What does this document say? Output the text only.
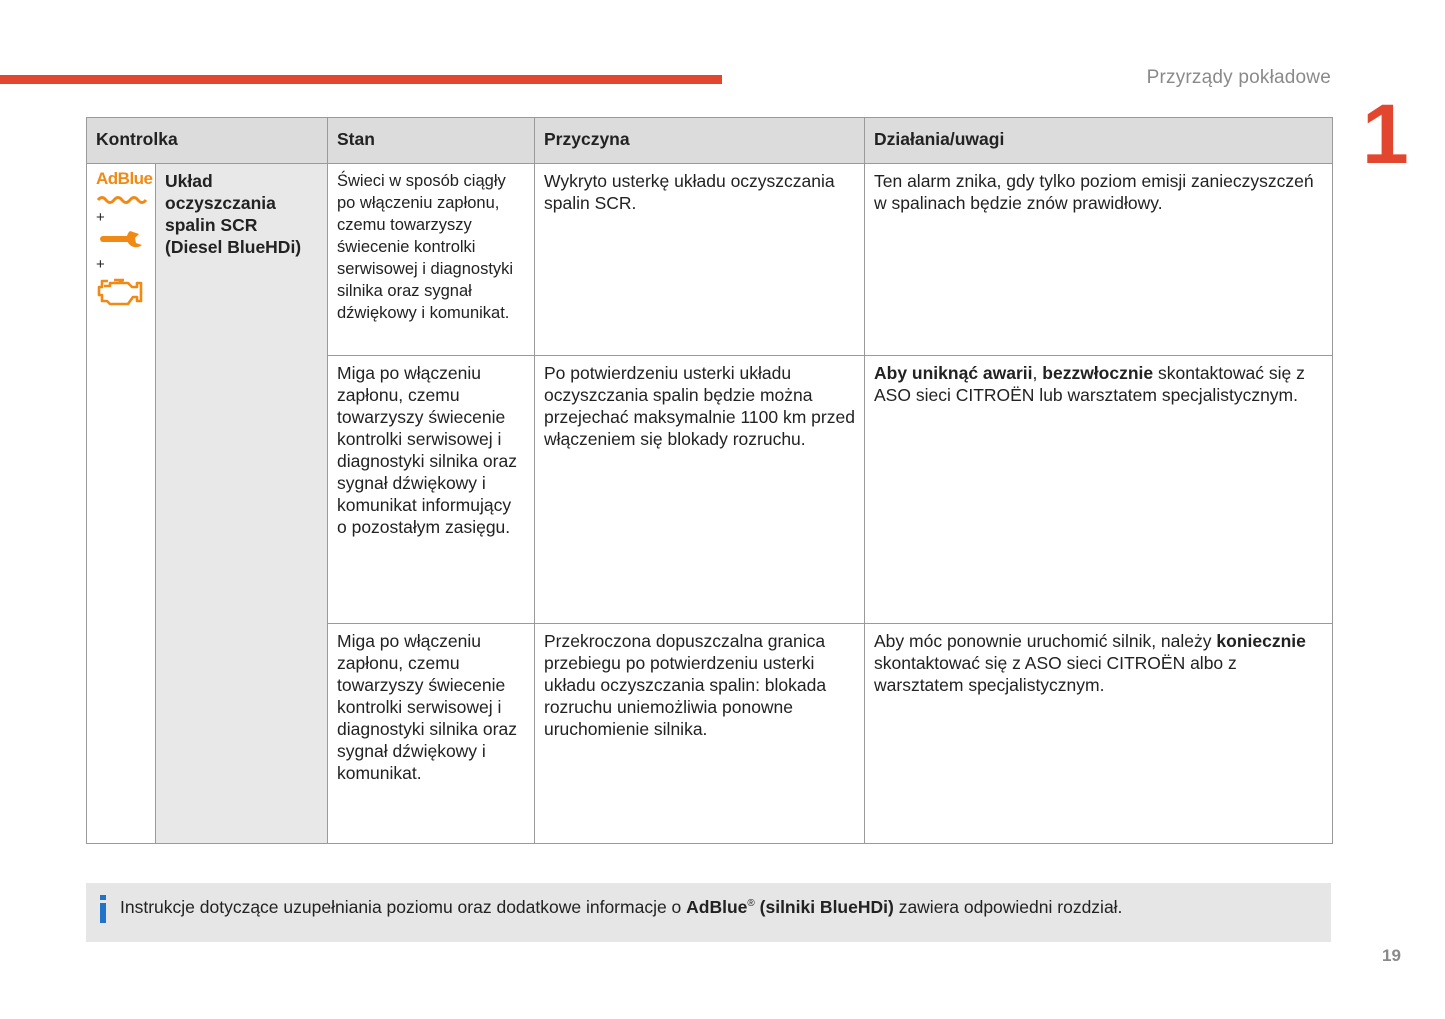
Przyrządy pokładowe
1
Kontrolka		Stan	Przyczyna	Działania/uwagi

AdBlue
+
+	Układ oczyszczania spalin SCR (Diesel BlueHDi)	Świeci w sposób ciągły po włączeniu zapłonu, czemu towarzyszy świecenie kontrolki serwisowej i diagnostyki silnika oraz sygnał dźwiękowy i komunikat.	Wykryto usterkę układu oczyszczania spalin SCR.	Ten alarm znika, gdy tylko poziom emisji zanieczyszczeń w spalinach będzie znów prawidłowy.
		Miga po włączeniu zapłonu, czemu towarzyszy świecenie kontrolki serwisowej i diagnostyki silnika oraz sygnał dźwiękowy i komunikat informujący o pozostałym zasięgu.	Po potwierdzeniu usterki układu oczyszczania spalin będzie można przejechać maksymalnie 1100 km przed włączeniem się blokady rozruchu.	Aby uniknąć awarii, bezzwłocznie skontaktować się z ASO sieci CITROËN lub warsztatem specjalistycznym.
		Miga po włączeniu zapłonu, czemu towarzyszy świecenie kontrolki serwisowej i diagnostyki silnika oraz sygnał dźwiękowy i komunikat.	Przekroczona dopuszczalna granica przebiegu po potwierdzeniu usterki układu oczyszczania spalin: blokada rozruchu uniemożliwia ponowne uruchomienie silnika.	Aby móc ponownie uruchomić silnik, należy koniecznie skontaktować się z ASO sieci CITROËN albo z warsztatem specjalistycznym.
Instrukcje dotyczące uzupełniania poziomu oraz dodatkowe informacje o AdBlue® (silniki BlueHDi) zawiera odpowiedni rozdział.
19
